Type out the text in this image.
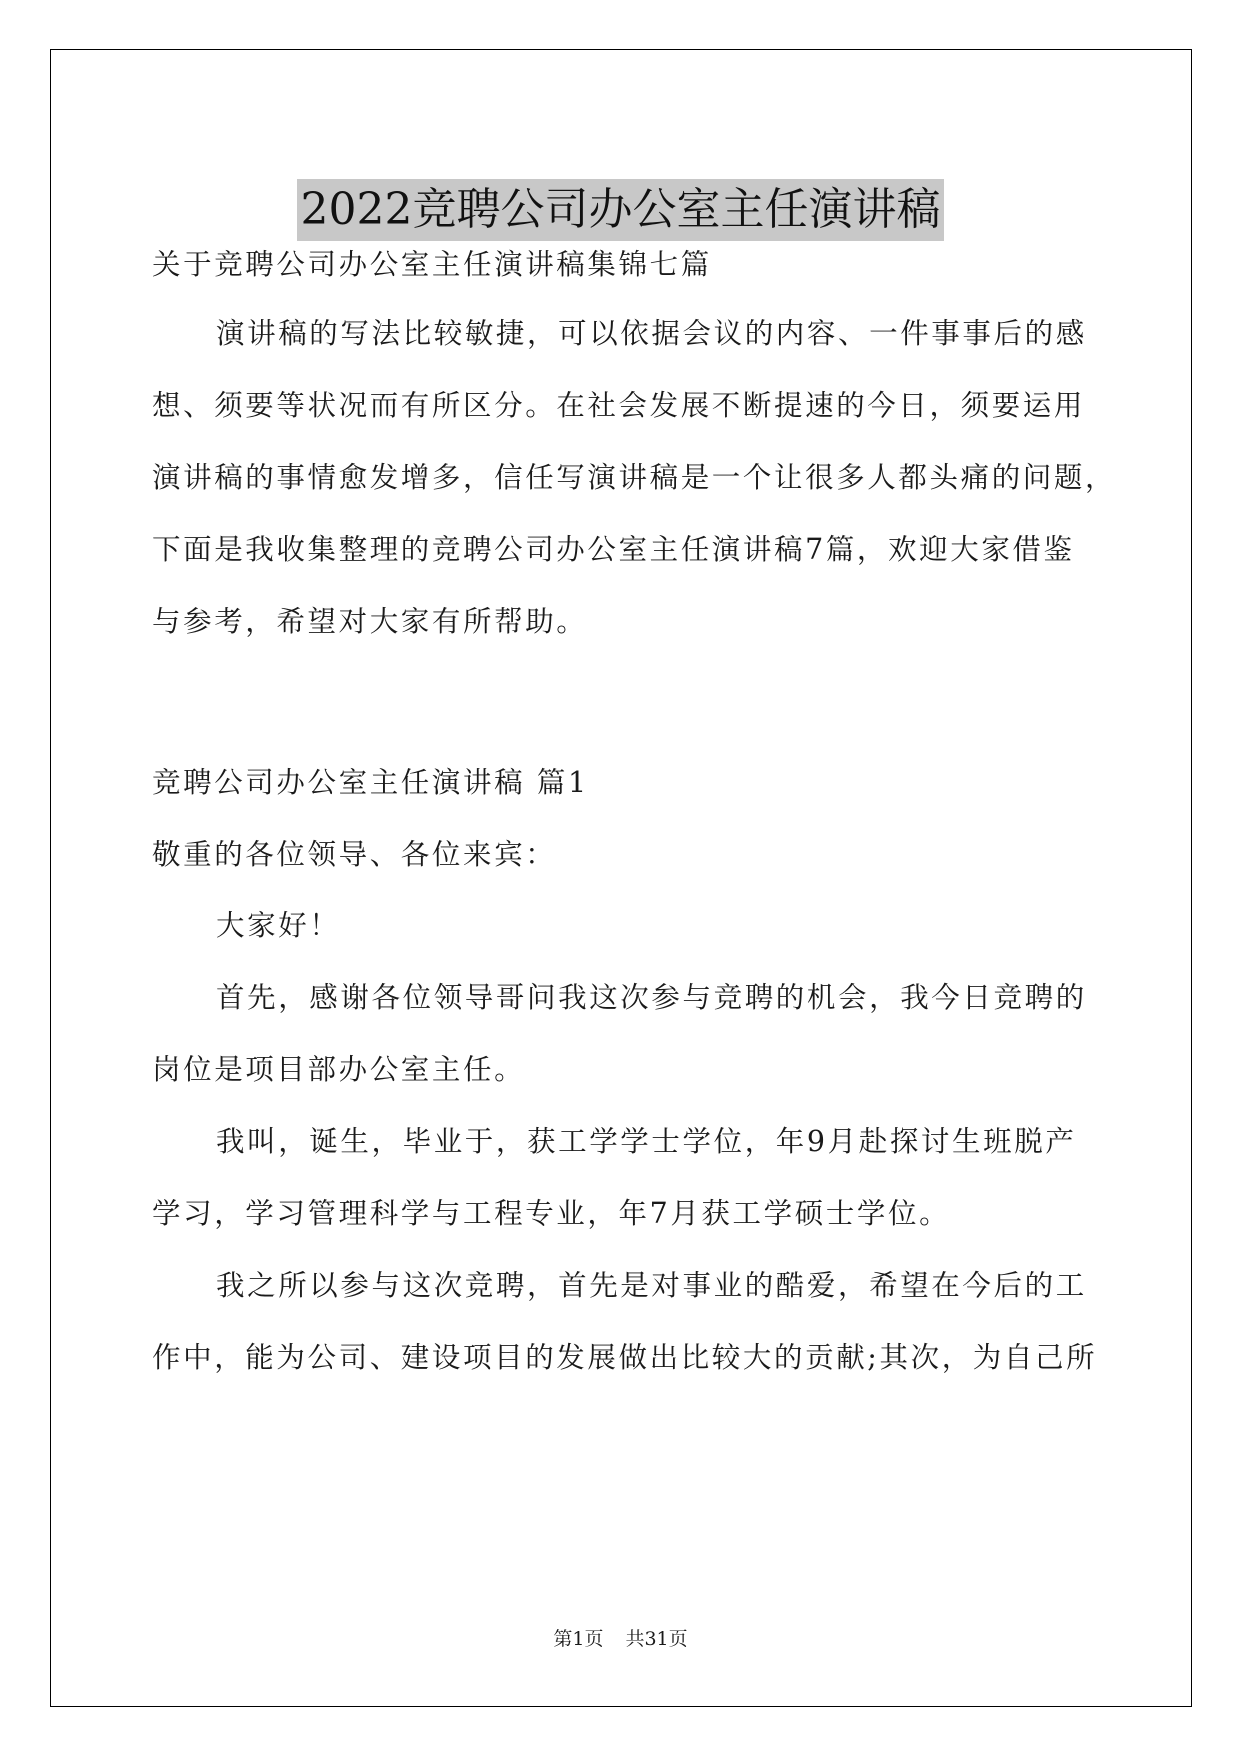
2022竞聘公司办公室主任演讲稿
关于竞聘公司办公室主任演讲稿集锦七篇
演讲稿的写法比较敏捷，可以依据会议的内容、一件事事后的感
想、须要等状况而有所区分。在社会发展不断提速的今日，须要运用
演讲稿的事情愈发增多，信任写演讲稿是一个让很多人都头痛的问题，
下面是我收集整理的竞聘公司办公室主任演讲稿7篇，欢迎大家借鉴
与参考，希望对大家有所帮助。
竞聘公司办公室主任演讲稿 篇1
敬重的各位领导、各位来宾：
大家好！
首先，感谢各位领导哥问我这次参与竞聘的机会，我今日竞聘的
岗位是项目部办公室主任。
我叫，诞生，毕业于，获工学学士学位，年9月赴探讨生班脱产
学习，学习管理科学与工程专业，年7月获工学硕士学位。
我之所以参与这次竞聘，首先是对事业的酷爱，希望在今后的工
作中，能为公司、建设项目的发展做出比较大的贡献;其次，为自己所
第1页 共31页
